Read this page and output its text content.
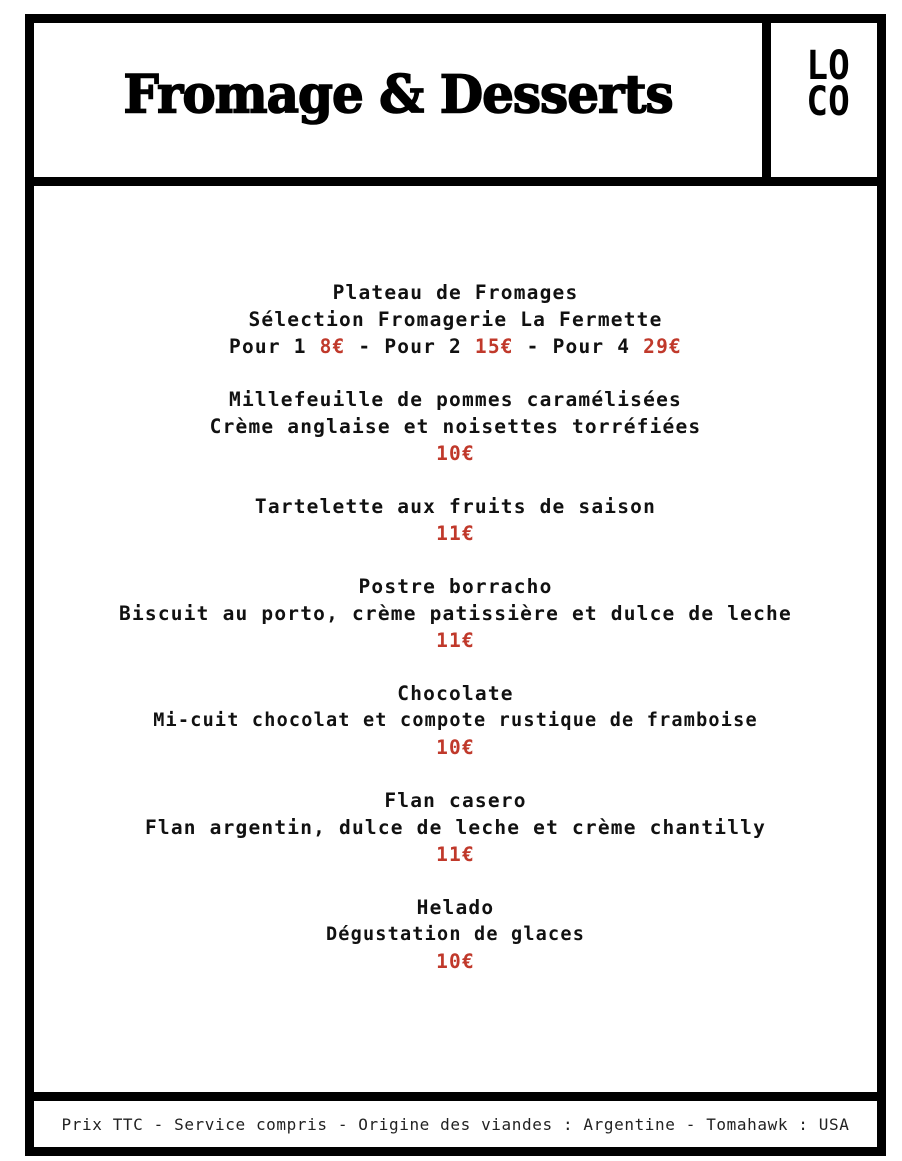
Fromage & Desserts	LO
CO
Plateau de Fromages
Sélection Fromagerie La Fermette
Pour 1 8€ - Pour 2 15€ - Pour 4 29€
Millefeuille de pommes caramélisées
Crème anglaise et noisettes torréfiées
10€
Tartelette aux fruits de saison
11€
Postre borracho
Biscuit au porto, crème patissière et dulce de leche
11€
Chocolate
Mi-cuit chocolat et compote rustique de framboise
10€
Flan casero
Flan argentin, dulce de leche et crème chantilly
11€
Helado
Dégustation de glaces
10€
Prix TTC - Service compris - Origine des viandes : Argentine - Tomahawk : USA
